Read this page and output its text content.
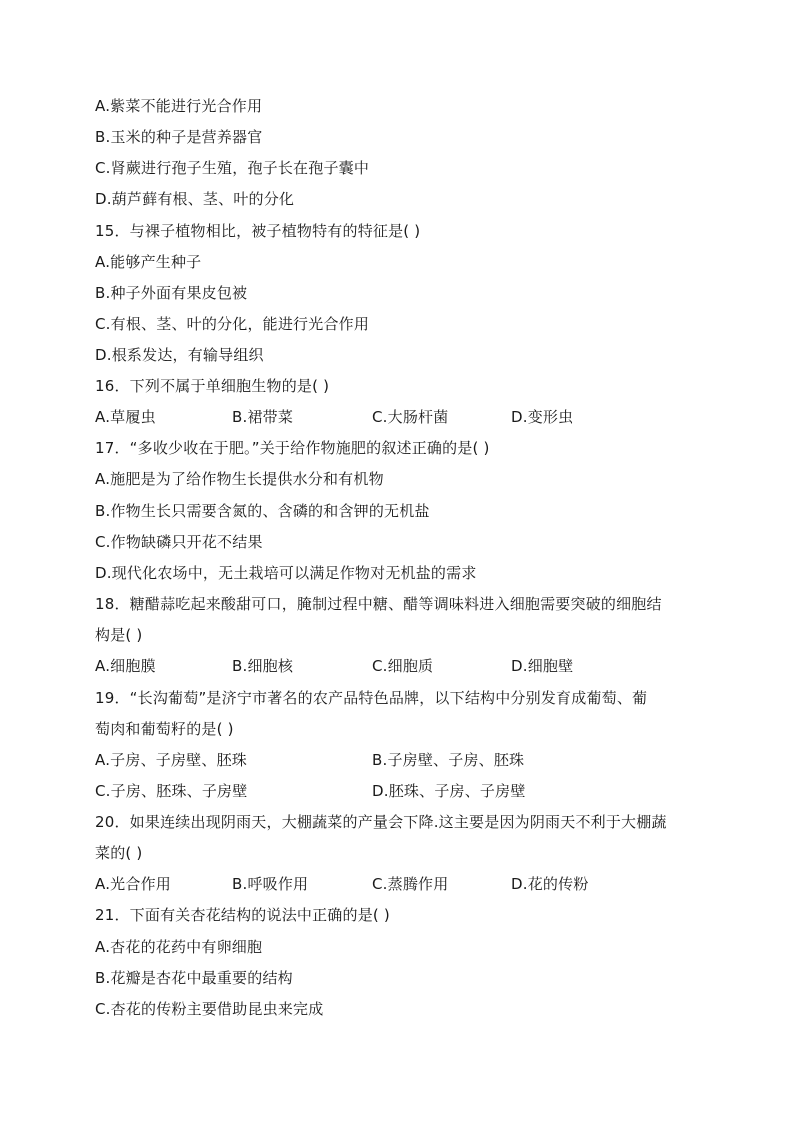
A.紫菜不能进行光合作用
B.玉米的种子是营养器官
C.肾蕨进行孢子生殖，孢子长在孢子囊中
D.葫芦藓有根、茎、叶的分化
15．与裸子植物相比，被子植物特有的特征是( )
A.能够产生种子
B.种子外面有果皮包被
C.有根、茎、叶的分化，能进行光合作用
D.根系发达，有输导组织
16．下列不属于单细胞生物的是( )
A.草履虫	B.裙带菜	C.大肠杆菌	D.变形虫
17．“多收少收在于肥。”关于给作物施肥的叙述正确的是( )
A.施肥是为了给作物生长提供水分和有机物
B.作物生长只需要含氮的、含磷的和含钾的无机盐
C.作物缺磷只开花不结果
D.现代化农场中，无土栽培可以满足作物对无机盐的需求
18．糖醋蒜吃起来酸甜可口，腌制过程中糖、醋等调味料进入细胞需要突破的细胞结
构是( )
A.细胞膜	B.细胞核	C.细胞质	D.细胞壁
19．“长沟葡萄”是济宁市著名的农产品特色品牌，以下结构中分别发育成葡萄、葡
萄肉和葡萄籽的是( )
A.子房、子房壁、胚珠	B.子房壁、子房、胚珠
C.子房、胚珠、子房壁	D.胚珠、子房、子房壁
20．如果连续出现阴雨天，大棚蔬菜的产量会下降.这主要是因为阴雨天不利于大棚蔬
菜的( )
A.光合作用	B.呼吸作用	C.蒸腾作用	D.花的传粉
21．下面有关杏花结构的说法中正确的是( )
A.杏花的花药中有卵细胞
B.花瓣是杏花中最重要的结构
C.杏花的传粉主要借助昆虫来完成
